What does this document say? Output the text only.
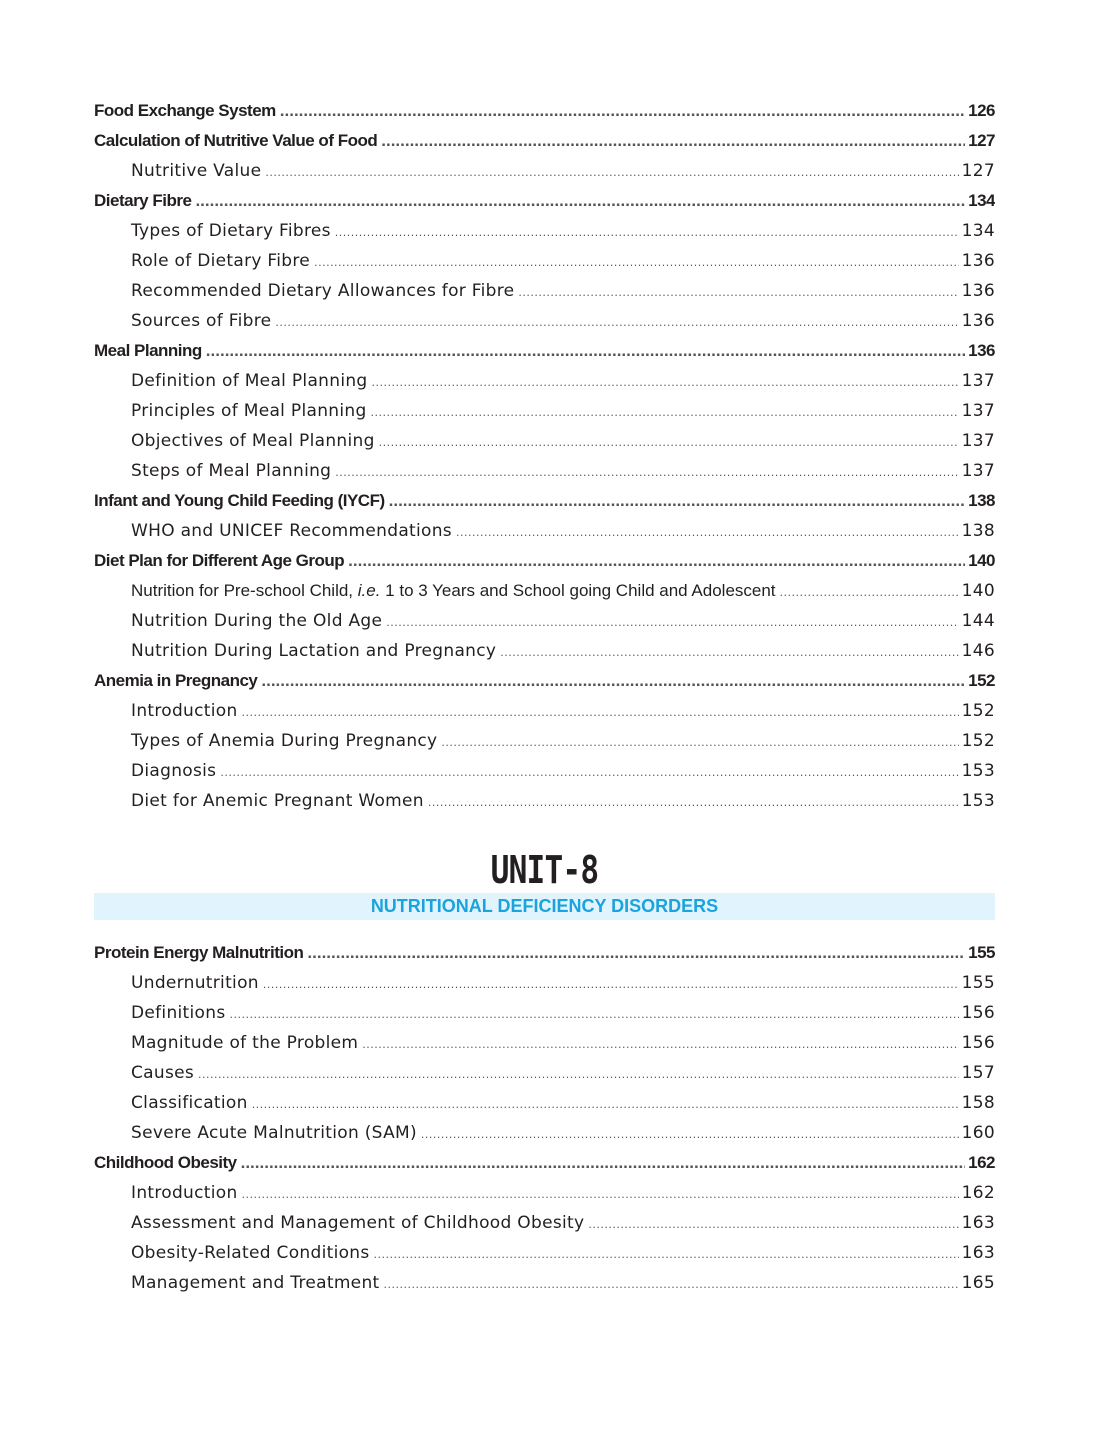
Food Exchange System .....	126
Calculation of Nutritive Value of Food .....	127
Nutritive Value .....	127
Dietary Fibre .....	134
Types of Dietary Fibres .....	134
Role of Dietary Fibre .....	136
Recommended Dietary Allowances for Fibre .....	136
Sources of Fibre .....	136
Meal Planning .....	136
Definition of Meal Planning .....	137
Principles of Meal Planning .....	137
Objectives of Meal Planning .....	137
Steps of Meal Planning .....	137
Infant and Young Child Feeding (IYCF) .....	138
WHO and UNICEF Recommendations .....	138
Diet Plan for Different Age Group .....	140
Nutrition for Pre-school Child, i.e. 1 to 3 Years and School going Child and Adolescent .....	140
Nutrition During the Old Age .....	144
Nutrition During Lactation and Pregnancy .....	146
Anemia in Pregnancy .....	152
Introduction .....	152
Types of Anemia During Pregnancy .....	152
Diagnosis .....	153
Diet for Anemic Pregnant Women .....	153
UNIT-8
NUTRITIONAL DEFICIENCY DISORDERS
Protein Energy Malnutrition .....	155
Undernutrition .....	155
Definitions .....	156
Magnitude of the Problem .....	156
Causes .....	157
Classification .....	158
Severe Acute Malnutrition (SAM) .....	160
Childhood Obesity .....	162
Introduction .....	162
Assessment and Management of Childhood Obesity .....	163
Obesity-Related Conditions .....	163
Management and Treatment .....	165
